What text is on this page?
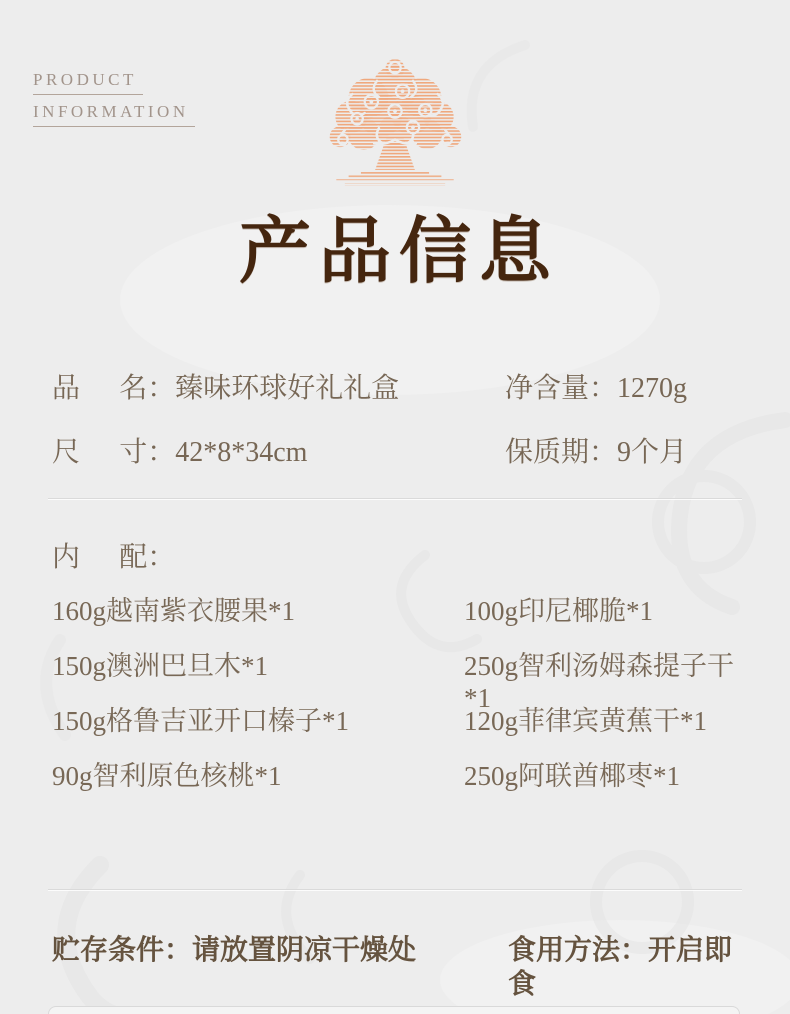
PRODUCT
INFORMATION
产品信息
品 名：臻味环球好礼礼盒	净含量：1270g
尺 寸：42*8*34cm	保质期：9个月
内 配：
160g越南紫衣腰果*1	100g印尼椰脆*1
150g澳洲巴旦木*1	250g智利汤姆森提子干*1
150g格鲁吉亚开口榛子*1	120g菲律宾黄蕉干*1
90g智利原色核桃*1	250g阿联酋椰枣*1
贮存条件：请放置阴凉干燥处	食用方法：开启即食
